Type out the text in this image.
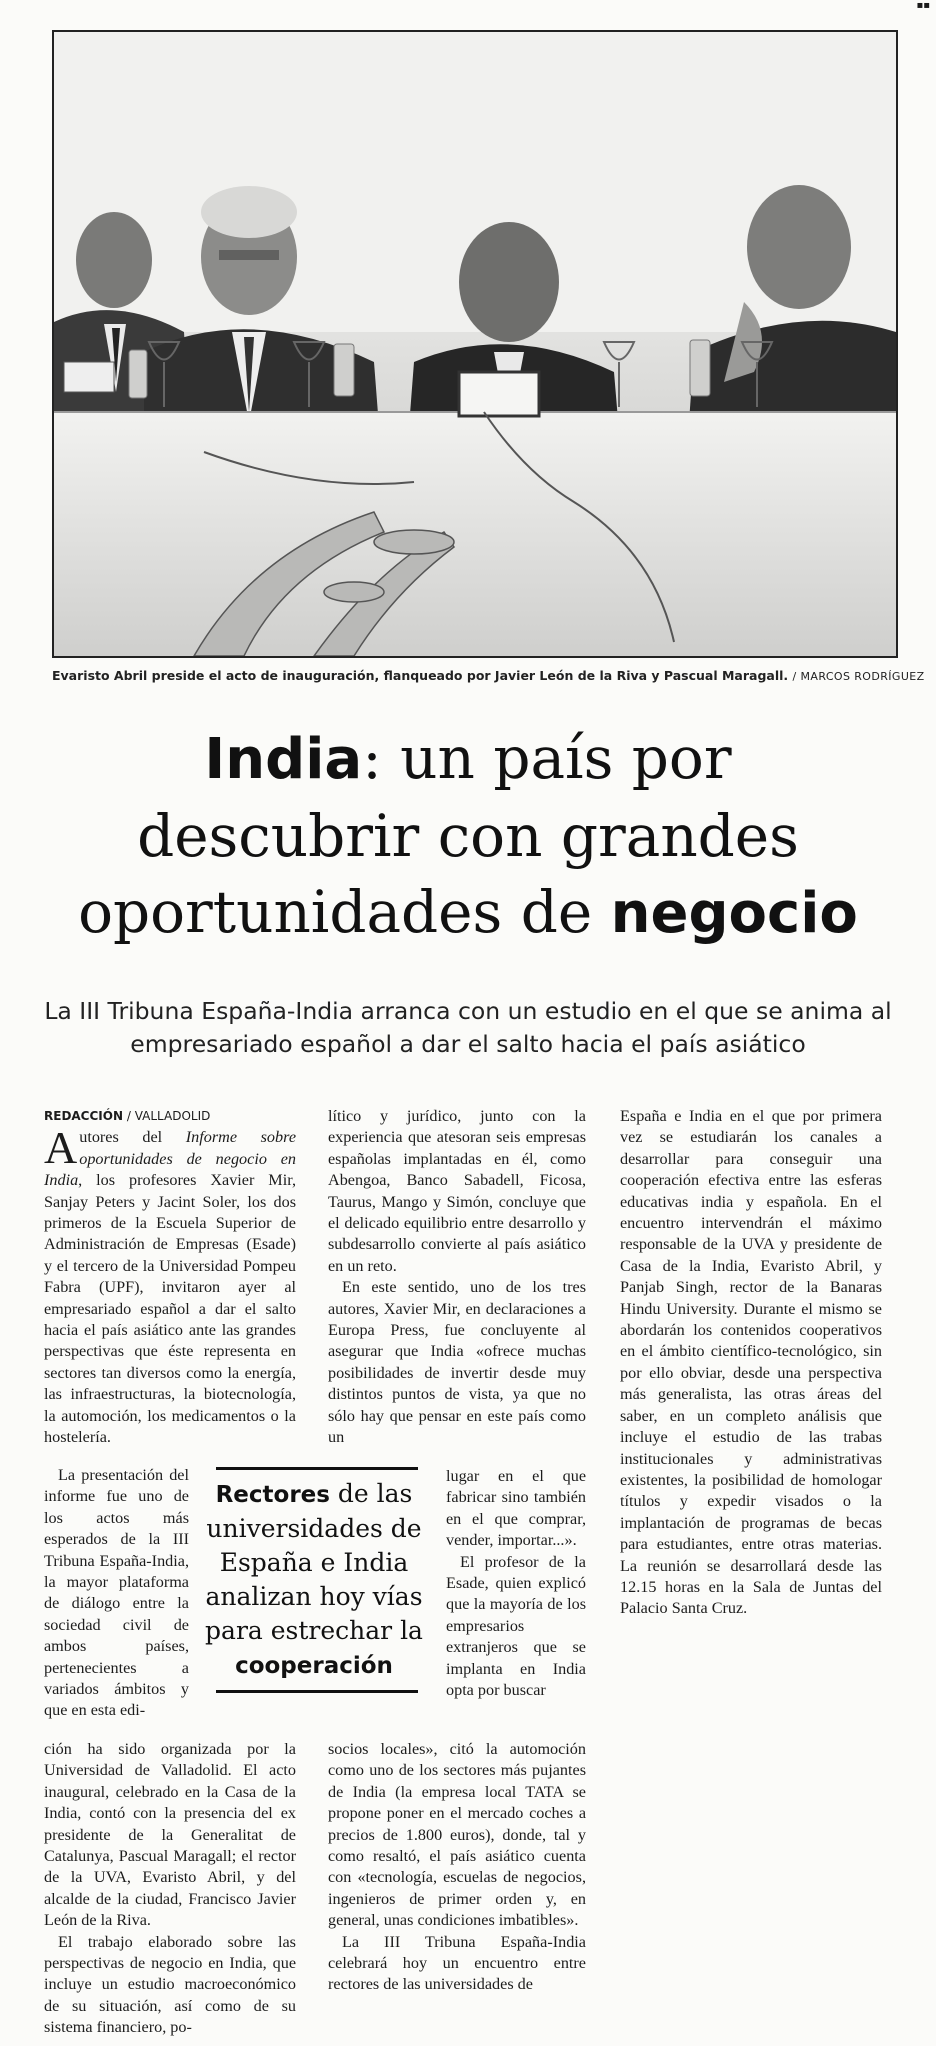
▪▪
Evaristo Abril preside el acto de inauguración, flanqueado por Javier León de la Riva y Pascual Maragall. / MARCOS RODRÍGUEZ
India: un país por
descubrir con grandes
oportunidades de negocio
La III Tribuna España-India arranca con un estudio en el que se anima al empresariado español a dar el salto hacia el país asiático
REDACCIÓN / VALLADOLID

Autores del Informe sobre oportunidades de negocio en India, los profesores Xavier Mir, Sanjay Peters y Jacint Soler, los dos primeros de la Escuela Superior de Administración de Empresas (Esade) y el tercero de la Universidad Pompeu Fabra (UPF), invitaron ayer al empresariado español a dar el salto hacia el país asiático ante las grandes perspectivas que éste representa en sectores tan diversos como la energía, las infraestructuras, la biotecnología, la automoción, los medicamentos o la hostelería.

La presentación del informe fue uno de los actos más esperados de la III Tribuna España-India, la mayor plataforma de diálogo entre la sociedad civil de ambos países, pertenecientes a variados ámbitos y que en esta edi-

ción ha sido organizada por la Universidad de Valladolid. El acto inaugural, celebrado en la Casa de la India, contó con la presencia del ex presidente de la Generalitat de Catalunya, Pascual Maragall; el rector de la UVA, Evaristo Abril, y del alcalde de la ciudad, Francisco Javier León de la Riva.

El trabajo elaborado sobre las perspectivas de negocio en India, que incluye un estudio macroeconómico de su situación, así como de su sistema financiero, po-

lítico y jurídico, junto con la experiencia que atesoran seis empresas españolas implantadas en él, como Abengoa, Banco Sabadell, Ficosa, Taurus, Mango y Simón, concluye que el delicado equilibrio entre desarrollo y subdesarrollo convierte al país asiático en un reto.

En este sentido, uno de los tres autores, Xavier Mir, en declaraciones a Europa Press, fue concluyente al asegurar que India «ofrece muchas posibilidades de invertir desde muy distintos puntos de vista, ya que no sólo hay que pensar en este país como un

Rectores de las universidades de España e India analizan hoy vías para estrechar la cooperación

lugar en el que fabricar sino también en el que comprar, vender, importar...».

El profesor de la Esade, quien explicó que la mayoría de los empresarios extranjeros que se implanta en India opta por buscar

socios locales», citó la automoción como uno de los sectores más pujantes de India (la empresa local TATA se propone poner en el mercado coches a precios de 1.800 euros), donde, tal y como resaltó, el país asiático cuenta con «tecnología, escuelas de negocios, ingenieros de primer orden y, en general, unas condiciones imbatibles».

La III Tribuna España-India celebrará hoy un encuentro entre rectores de las universidades de

España e India en el que por primera vez se estudiarán los canales a desarrollar para conseguir una cooperación efectiva entre las esferas educativas india y española. En el encuentro intervendrán el máximo responsable de la UVA y presidente de Casa de la India, Evaristo Abril, y Panjab Singh, rector de la Banaras Hindu University. Durante el mismo se abordarán los contenidos cooperativos en el ámbito científico-tecnológico, sin por ello obviar, desde una perspectiva más generalista, las otras áreas del saber, en un completo análisis que incluye el estudio de las trabas institucionales y administrativas existentes, la posibilidad de homologar títulos y expedir visados o la implantación de programas de becas para estudiantes, entre otras materias. La reunión se desarrollará desde las 12.15 horas en la Sala de Juntas del Palacio Santa Cruz.
